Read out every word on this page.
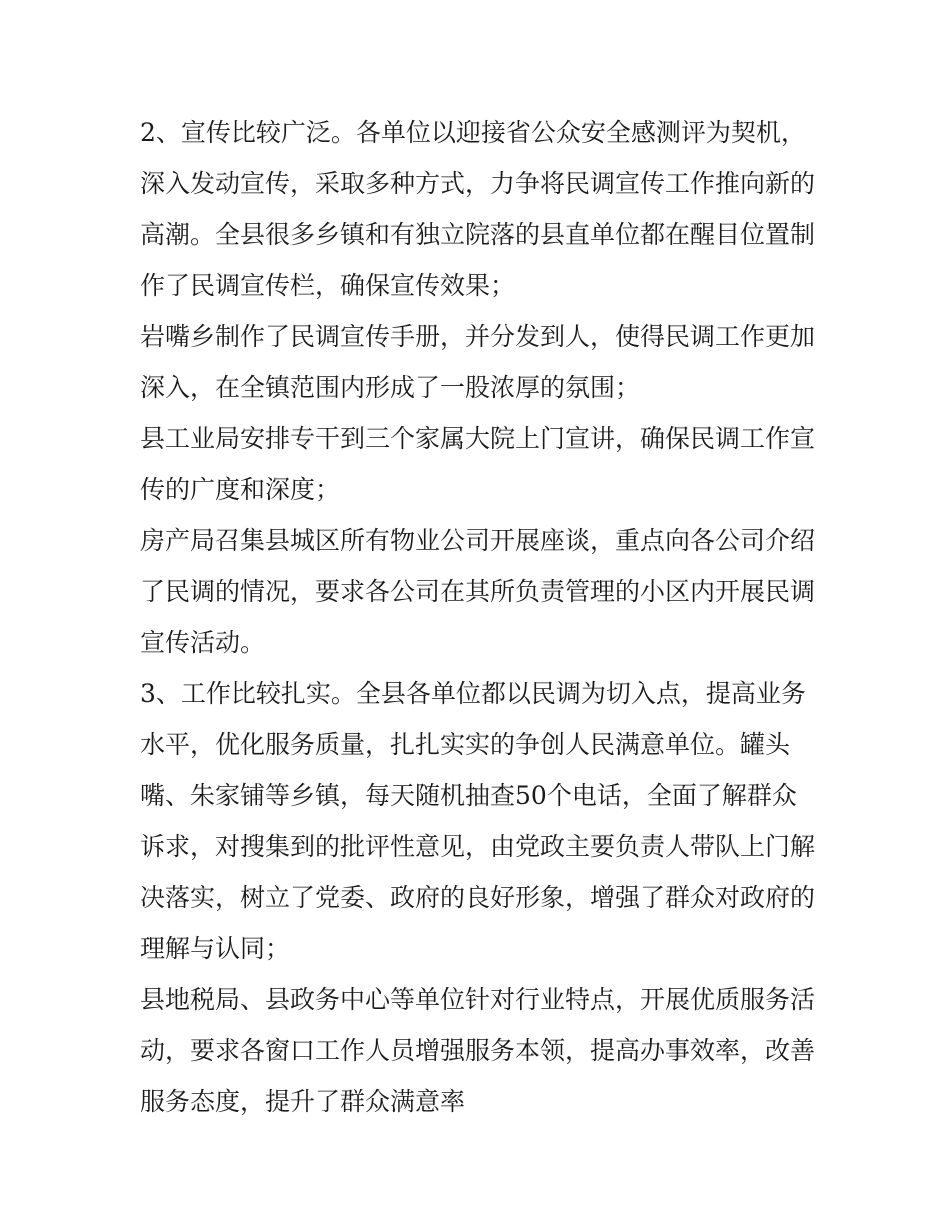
2、宣传比较广泛。各单位以迎接省公众安全感测评为契机，
深入发动宣传，采取多种方式，力争将民调宣传工作推向新的
高潮。全县很多乡镇和有独立院落的县直单位都在醒目位置制
作了民调宣传栏，确保宣传效果；
岩嘴乡制作了民调宣传手册，并分发到人，使得民调工作更加
深入，在全镇范围内形成了一股浓厚的氛围；
县工业局安排专干到三个家属大院上门宣讲，确保民调工作宣
传的广度和深度；
房产局召集县城区所有物业公司开展座谈，重点向各公司介绍
了民调的情况，要求各公司在其所负责管理的小区内开展民调
宣传活动。
3、工作比较扎实。全县各单位都以民调为切入点，提高业务
水平，优化服务质量，扎扎实实的争创人民满意单位。罐头
嘴、朱家铺等乡镇，每天随机抽查50个电话，全面了解群众
诉求，对搜集到的批评性意见，由党政主要负责人带队上门解
决落实，树立了党委、政府的良好形象，增强了群众对政府的
理解与认同；
县地税局、县政务中心等单位针对行业特点，开展优质服务活
动，要求各窗口工作人员增强服务本领，提高办事效率，改善
服务态度，提升了群众满意率
